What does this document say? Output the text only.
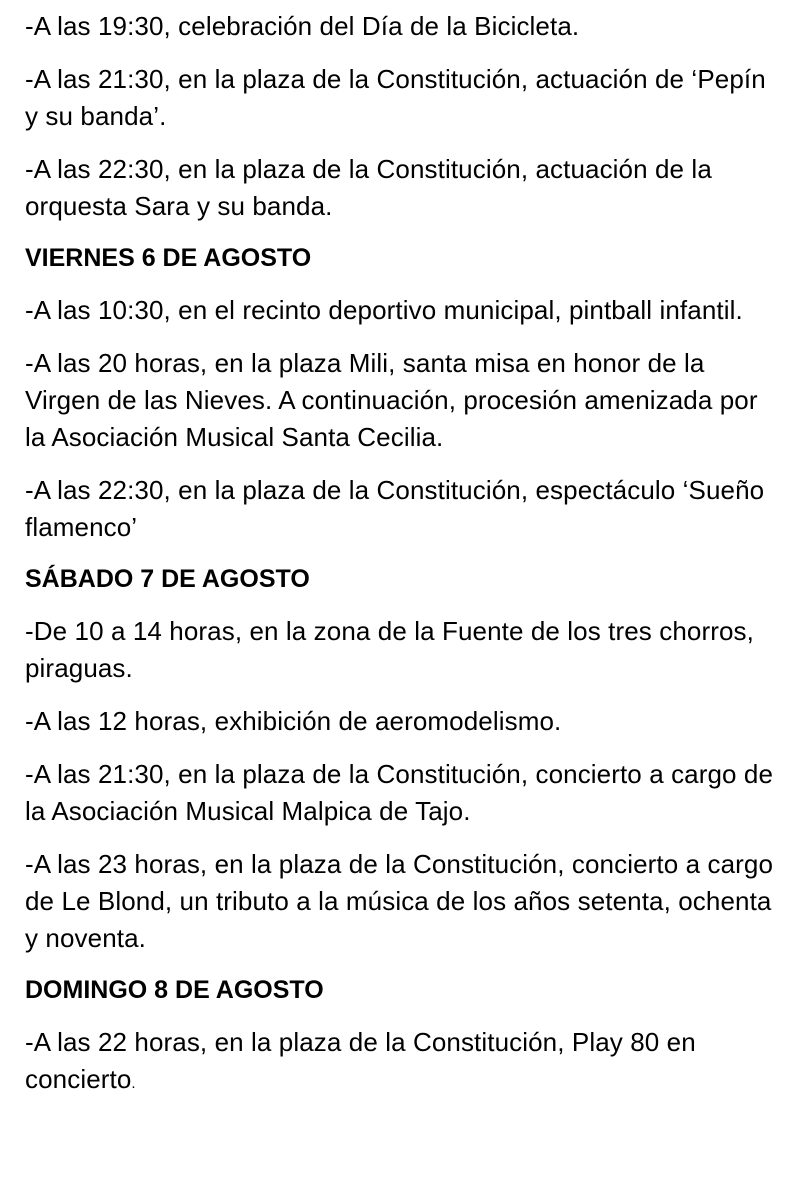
-A las 19:30, celebración del Día de la Bicicleta.

-A las 21:30, en la plaza de la Constitución, actuación de ‘Pepín y su banda’.

-A las 22:30, en la plaza de la Constitución, actuación de la orquesta Sara y su banda.

VIERNES 6 DE AGOSTO

-A las 10:30, en el recinto deportivo municipal, pintball infantil.

-A las 20 horas, en la plaza Mili, santa misa en honor de la Virgen de las Nieves. A continuación, procesión amenizada por la Asociación Musical Santa Cecilia.

-A las 22:30, en la plaza de la Constitución, espectáculo ‘Sueño flamenco’

SÁBADO 7 DE AGOSTO

-De 10 a 14 horas, en la zona de la Fuente de los tres chorros, piraguas.

-A las 12 horas, exhibición de aeromodelismo.

-A las 21:30, en la plaza de la Constitución, concierto a cargo de la Asociación Musical Malpica de Tajo.

-A las 23 horas, en la plaza de la Constitución, concierto a cargo de Le Blond, un tributo a la música de los años setenta, ochenta y noventa.

DOMINGO 8 DE AGOSTO

-A las 22 horas, en la plaza de la Constitución, Play 80 en concierto.
